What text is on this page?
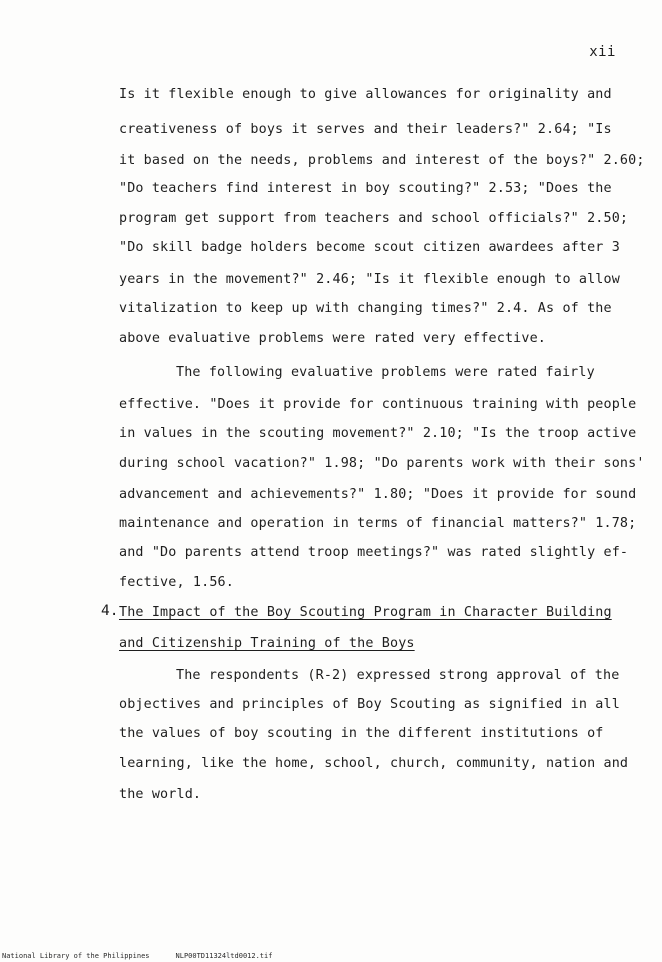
xii
Is it flexible enough to give allowances for originality and
creativeness of boys it serves and their leaders?" 2.64; "Is
it based on the needs, problems and interest of the boys?" 2.60;
"Do teachers find interest in boy scouting?" 2.53; "Does the
program get support from teachers and school officials?" 2.50;
"Do skill badge holders become scout citizen awardees after 3
years in the movement?" 2.46; "Is it flexible enough to allow
vitalization to keep up with changing times?" 2.4. As of the
above evaluative problems were rated very effective.
The following evaluative problems were rated fairly
effective. "Does it provide for continuous training with people
in values in the scouting movement?" 2.10; "Is the troop active
during school vacation?" 1.98; "Do parents work with their sons'
advancement and achievements?" 1.80; "Does it provide for sound
maintenance and operation in terms of financial matters?" 1.78;
and "Do parents attend troop meetings?" was rated slightly ef-
fective, 1.56.
4. The Impact of the Boy Scouting Program in Character Building
and Citizenship Training of the Boys
The respondents (R-2) expressed strong approval of the
objectives and principles of Boy Scouting as signified in all
the values of boy scouting in the different institutions of
learning, like the home, school, church, community, nation and
the world.
National Library of the Philippines	NLP00TD11324ltd0012.tif
